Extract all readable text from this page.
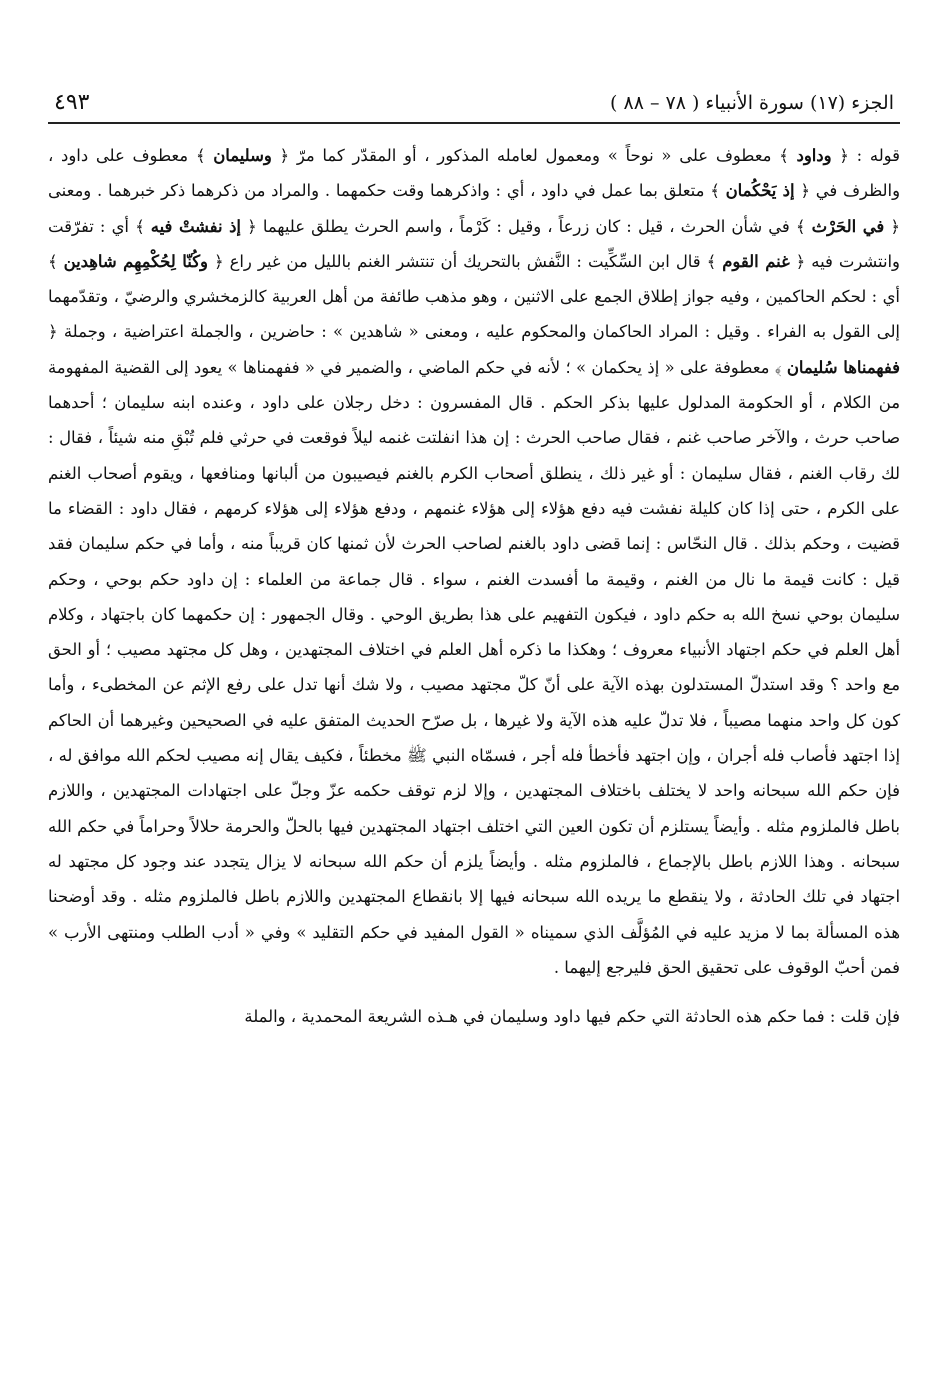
الجزء (١٧) سورة الأنبياء ( ٧٨ – ٨٨ )
٤٩٣

قوله : ﴿ وداود ﴾ معطوف على « نوحاً » ومعمول لعامله المذكور ، أو المقدّر كما مرّ ﴿ وسليمان ﴾ معطوف على داود ، والظرف في ﴿ إذ يَحْكُمان ﴾ متعلق بما عمل في داود ، أي : واذكرهما وقت حكمهما . والمراد من ذكرهما ذكر خبرهما . ومعنى ﴿ في الحَرْث ﴾ في شأن الحرث ، قيل : كان زرعاً ، وقيل : كَرْماً ، واسم الحرث يطلق عليهما ﴿ إذ نفشتْ فيه ﴾ أي : تفرّقت وانتشرت فيه ﴿ غنم القوم ﴾ قال ابن السِّكِّيت : النَّفش بالتحريك أن تنتشر الغنم بالليل من غير راع ﴿ وكُنّا لِحُكْمِهِم شاهِدين ﴾ أي : لحكم الحاكمين ، وفيه جواز إطلاق الجمع على الاثنين ، وهو مذهب طائفة من أهل العربية كالزمخشري والرضيّ ، وتقدّمهما إلى القول به الفراء . وقيل : المراد الحاكمان والمحكوم عليه ، ومعنى « شاهدين » : حاضرين ، والجملة اعتراضية ، وجملة ﴿ ففهمناها سُليمان ﴾ معطوفة على « إذ يحكمان » ؛ لأنه في حكم الماضي ، والضمير في « ففهمناها » يعود إلى القضية المفهومة من الكلام ، أو الحكومة المدلول عليها بذكر الحكم . قال المفسرون : دخل رجلان على داود ، وعنده ابنه سليمان ؛ أحدهما صاحب حرث ، والآخر صاحب غنم ، فقال صاحب الحرث : إن هذا انفلتت غنمه ليلاً فوقعت في حرثي فلم تُبْقِ منه شيئاً ، فقال : لك رقاب الغنم ، فقال سليمان : أو غير ذلك ، ينطلق أصحاب الكرم بالغنم فيصيبون من ألبانها ومنافعها ، ويقوم أصحاب الغنم على الكرم ، حتى إذا كان كليلة نفشت فيه دفع هؤلاء إلى هؤلاء غنمهم ، ودفع هؤلاء إلى هؤلاء كرمهم ، فقال داود : القضاء ما قضيت ، وحكم بذلك . قال النحّاس : إنما قضى داود بالغنم لصاحب الحرث لأن ثمنها كان قريباً منه ، وأما في حكم سليمان فقد قيل : كانت قيمة ما نال من الغنم ، وقيمة ما أفسدت الغنم ، سواء . قال جماعة من العلماء : إن داود حكم بوحي ، وحكم سليمان بوحي نسخ الله به حكم داود ، فيكون التفهيم على هذا بطريق الوحي . وقال الجمهور : إن حكمهما كان باجتهاد ، وكلام أهل العلم في حكم اجتهاد الأنبياء معروف ؛ وهكذا ما ذكره أهل العلم في اختلاف المجتهدين ، وهل كل مجتهد مصيب ؛ أو الحق مع واحد ؟ وقد استدلّ المستدلون بهذه الآية على أنّ كلّ مجتهد مصيب ، ولا شك أنها تدل على رفع الإثم عن المخطىء ، وأما كون كل واحد منهما مصيباً ، فلا تدلّ عليه هذه الآية ولا غيرها ، بل صرّح الحديث المتفق عليه في الصحيحين وغيرهما أن الحاكم إذا اجتهد فأصاب فله أجران ، وإن اجتهد فأخطأ فله أجر ، فسمّاه النبي ﷺ مخطئاً ، فكيف يقال إنه مصيب لحكم الله موافق له ، فإن حكم الله سبحانه واحد لا يختلف باختلاف المجتهدين ، وإلا لزم توقف حكمه عزّ وجلّ على اجتهادات المجتهدين ، واللازم باطل فالملزوم مثله . وأيضاً يستلزم أن تكون العين التي اختلف اجتهاد المجتهدين فيها بالحلّ والحرمة حلالاً وحراماً في حكم الله سبحانه . وهذا اللازم باطل بالإجماع ، فالملزوم مثله . وأيضاً يلزم أن حكم الله سبحانه لا يزال يتجدد عند وجود كل مجتهد له اجتهاد في تلك الحادثة ، ولا ينقطع ما يريده الله سبحانه فيها إلا بانقطاع المجتهدين واللازم باطل فالملزوم مثله . وقد أوضحنا هذه المسألة بما لا مزيد عليه في المُؤلَّف الذي سميناه « القول المفيد في حكم التقليد » وفي « أدب الطلب ومنتهى الأرب » فمن أحبّ الوقوف على تحقيق الحق فليرجع إليهما .

فإن قلت : فما حكم هذه الحادثة التي حكم فيها داود وسليمان في هـذه الشريعة المحمدية ، والملة
